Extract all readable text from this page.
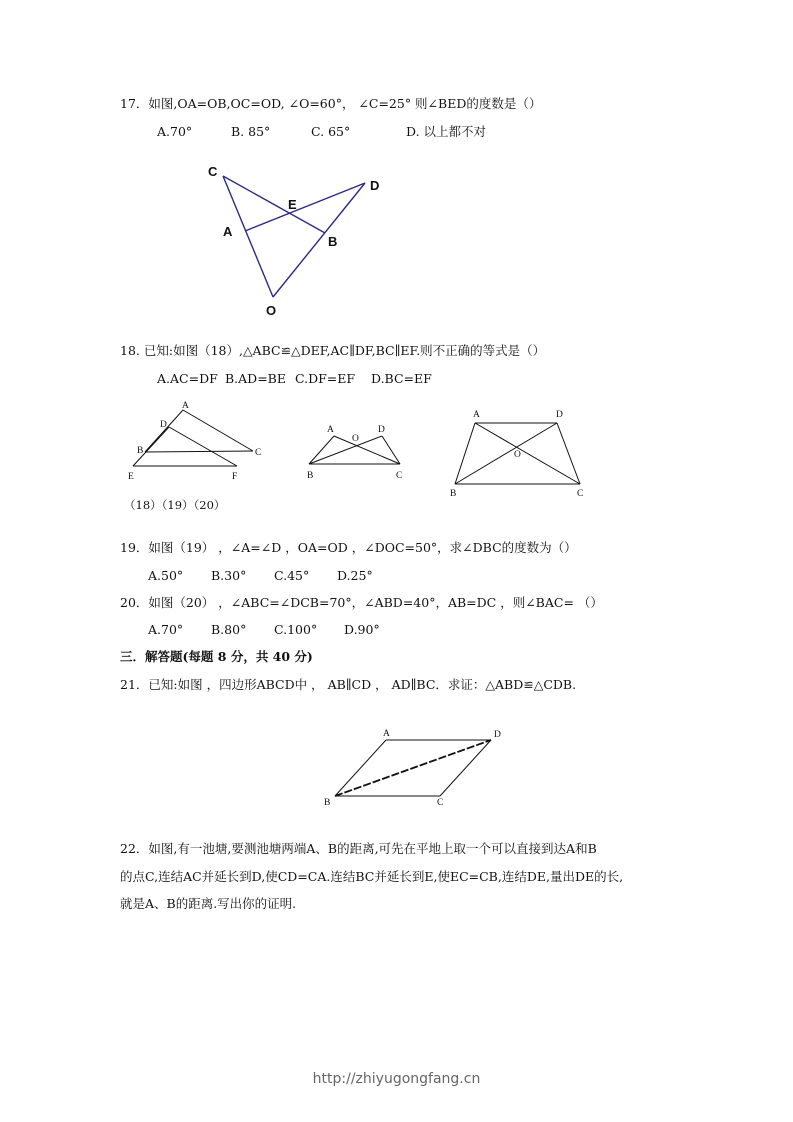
17．如图,OA=OB,OC=OD, ∠O=60°， ∠C=25° 则∠BED的度数是（）
A.70°	B. 85°	C. 65°	D. 以上都不对
C
D
E
A
B
O
18. 已知:如图（18）,△ABC≌△DEF,AC∥DF,BC∥EF.则不正确的等式是（）
A.AC=DF B.AD=BE C.DF=EF D.BC=EF
A
D
B	C
E	F
A
O
D
B	C
A	D
O
B	C
（18）（19）（20）
19．如图（19） ，∠A=∠D ，OA=OD ，∠DOC=50°，求∠DBC的度数为（）
A.50° B.30° C.45° D.25°
20．如图（20） ，∠ABC=∠DCB=70°，∠ABD=40°，AB=DC ，则∠BAC= （）
A.70° B.80° C.100° D.90°
三．解答题(每题 8 分，共 40 分)
21．已知:如图 ，四边形ABCD中 ， AB∥CD ， AD∥BC．求证：△ABD≌△CDB.
A	D
B	C
22．如图,有一池塘,要测池塘两端A、B的距离,可先在平地上取一个可以直接到达A和B
的点C,连结AC并延长到D,使CD=CA.连结BC并延长到E,使EC=CB,连结DE,量出DE的长,
就是A、B的距离.写出你的证明.
http://zhiyugongfang.cn
